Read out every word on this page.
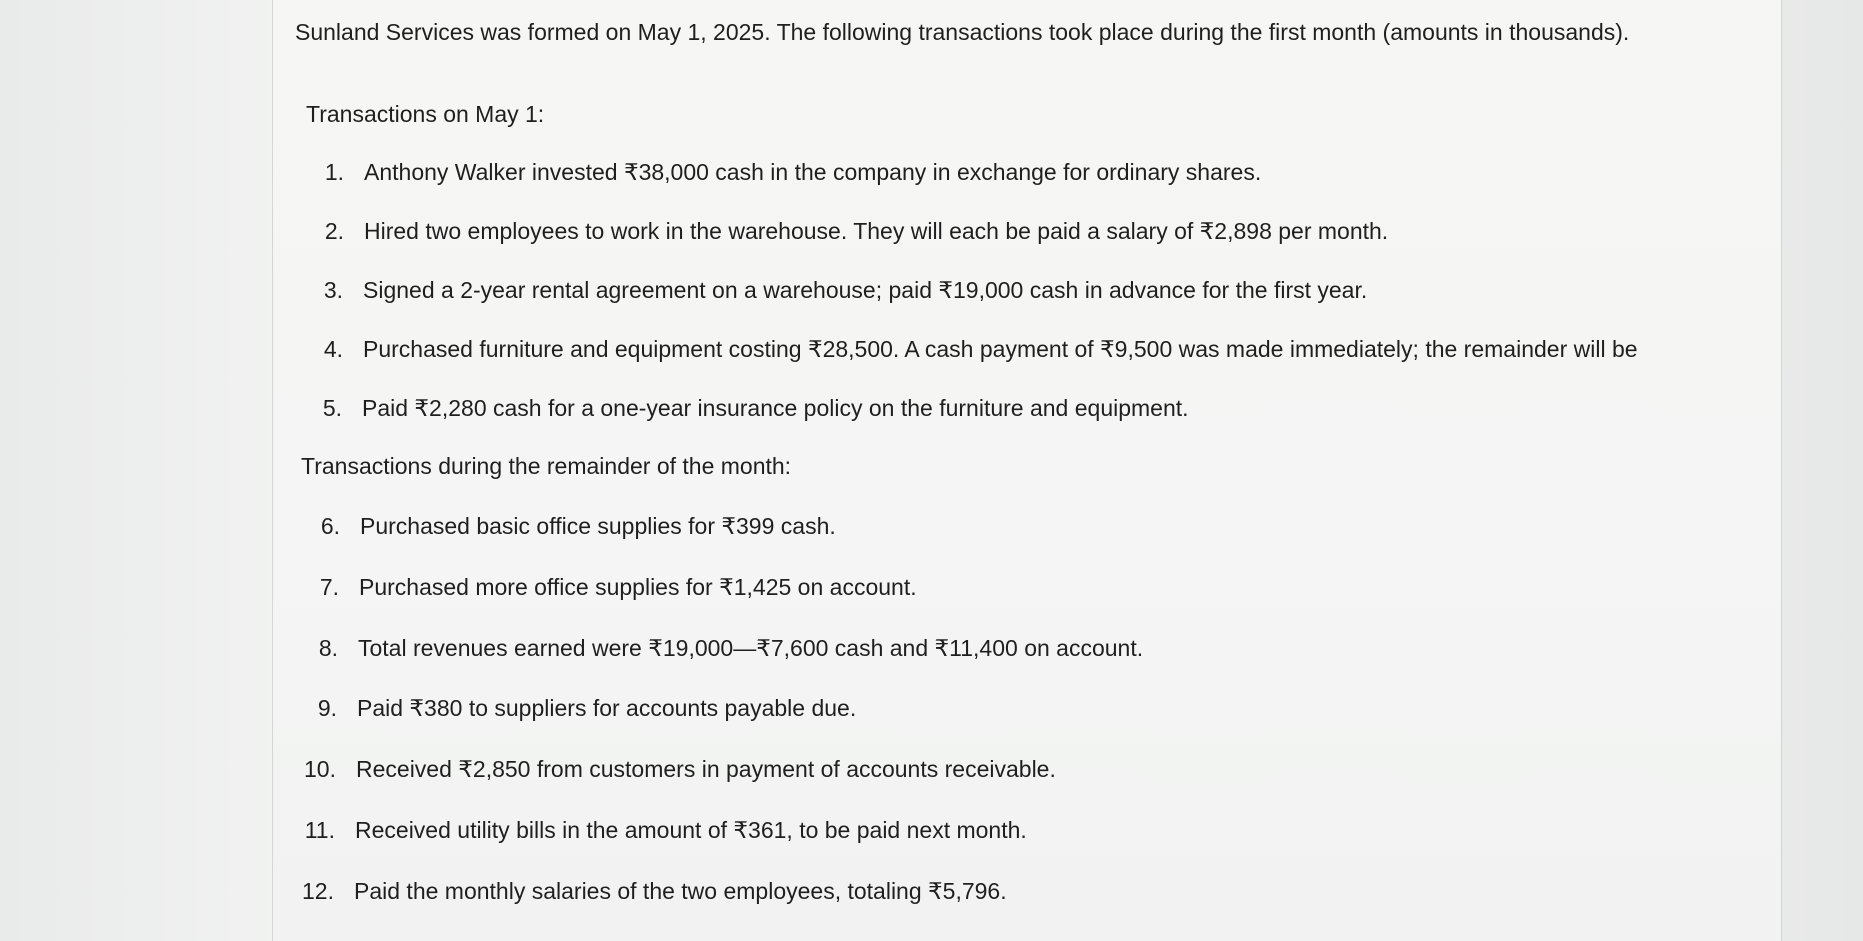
Sunland Services was formed on May 1, 2025. The following transactions took place during the first month (amounts in thousands).
Transactions on May 1:
1. Anthony Walker invested ₹38,000 cash in the company in exchange for ordinary shares.
2. Hired two employees to work in the warehouse. They will each be paid a salary of ₹2,898 per month.
3. Signed a 2-year rental agreement on a warehouse; paid ₹19,000 cash in advance for the first year.
4. Purchased furniture and equipment costing ₹28,500. A cash payment of ₹9,500 was made immediately; the remainder will be
5. Paid ₹2,280 cash for a one-year insurance policy on the furniture and equipment.
Transactions during the remainder of the month:
6. Purchased basic office supplies for ₹399 cash.
7. Purchased more office supplies for ₹1,425 on account.
8. Total revenues earned were ₹19,000—₹7,600 cash and ₹11,400 on account.
9. Paid ₹380 to suppliers for accounts payable due.
10. Received ₹2,850 from customers in payment of accounts receivable.
11. Received utility bills in the amount of ₹361, to be paid next month.
12. Paid the monthly salaries of the two employees, totaling ₹5,796.
